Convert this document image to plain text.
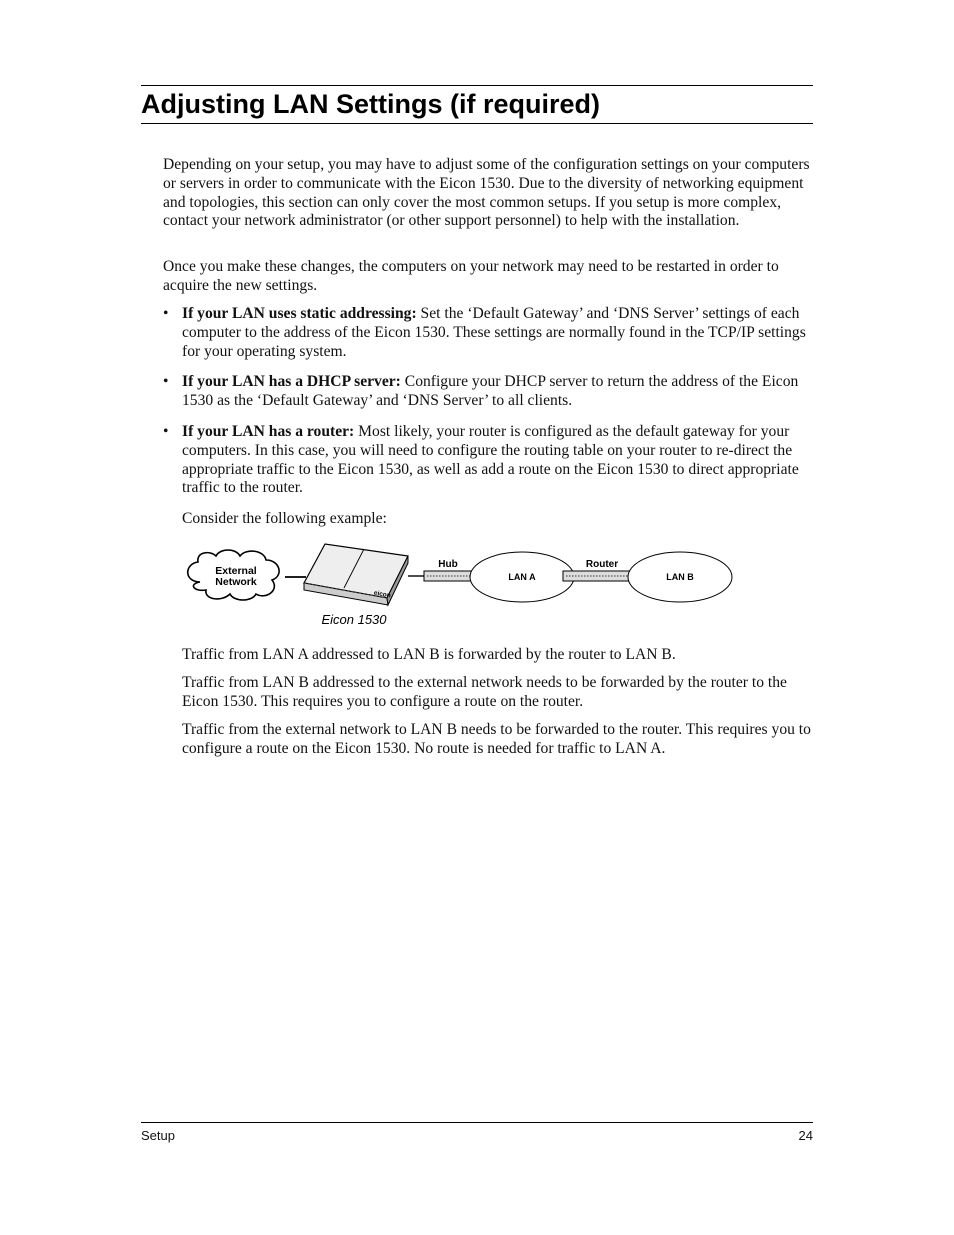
Adjusting LAN Settings (if required)

Depending on your setup, you may have to adjust some of the configuration settings on your computers or servers in order to communicate with the Eicon 1530. Due to the diversity of networking equipment and topologies, this section can only cover the most common setups. If you setup is more complex, contact your network administrator (or other support personnel) to help with the installation.

Once you make these changes, the computers on your network may need to be restarted in order to acquire the new settings.

• If your LAN uses static addressing: Set the ‘Default Gateway’ and ‘DNS Server’ settings of each computer to the address of the Eicon 1530. These settings are normally found in the TCP/IP settings for your operating system.
• If your LAN has a DHCP server: Configure your DHCP server to return the address of the Eicon 1530 as the ‘Default Gateway’ and ‘DNS Server’ to all clients.
• If your LAN has a router: Most likely, your router is configured as the default gateway for your computers. In this case, you will need to configure the routing table on your router to re-direct the appropriate traffic to the Eicon 1530, as well as add a route on the Eicon 1530 to direct appropriate traffic to the router.

Consider the following example:

External
Network
eicon
Eicon 1530
Hub
LAN A
Router
LAN B

Traffic from LAN A addressed to LAN B is forwarded by the router to LAN B.

Traffic from LAN B addressed to the external network needs to be forwarded by the router to the Eicon 1530. This requires you to configure a route on the router.

Traffic from the external network to LAN B needs to be forwarded to the router. This requires you to configure a route on the Eicon 1530. No route is needed for traffic to LAN A.

Setup	24
